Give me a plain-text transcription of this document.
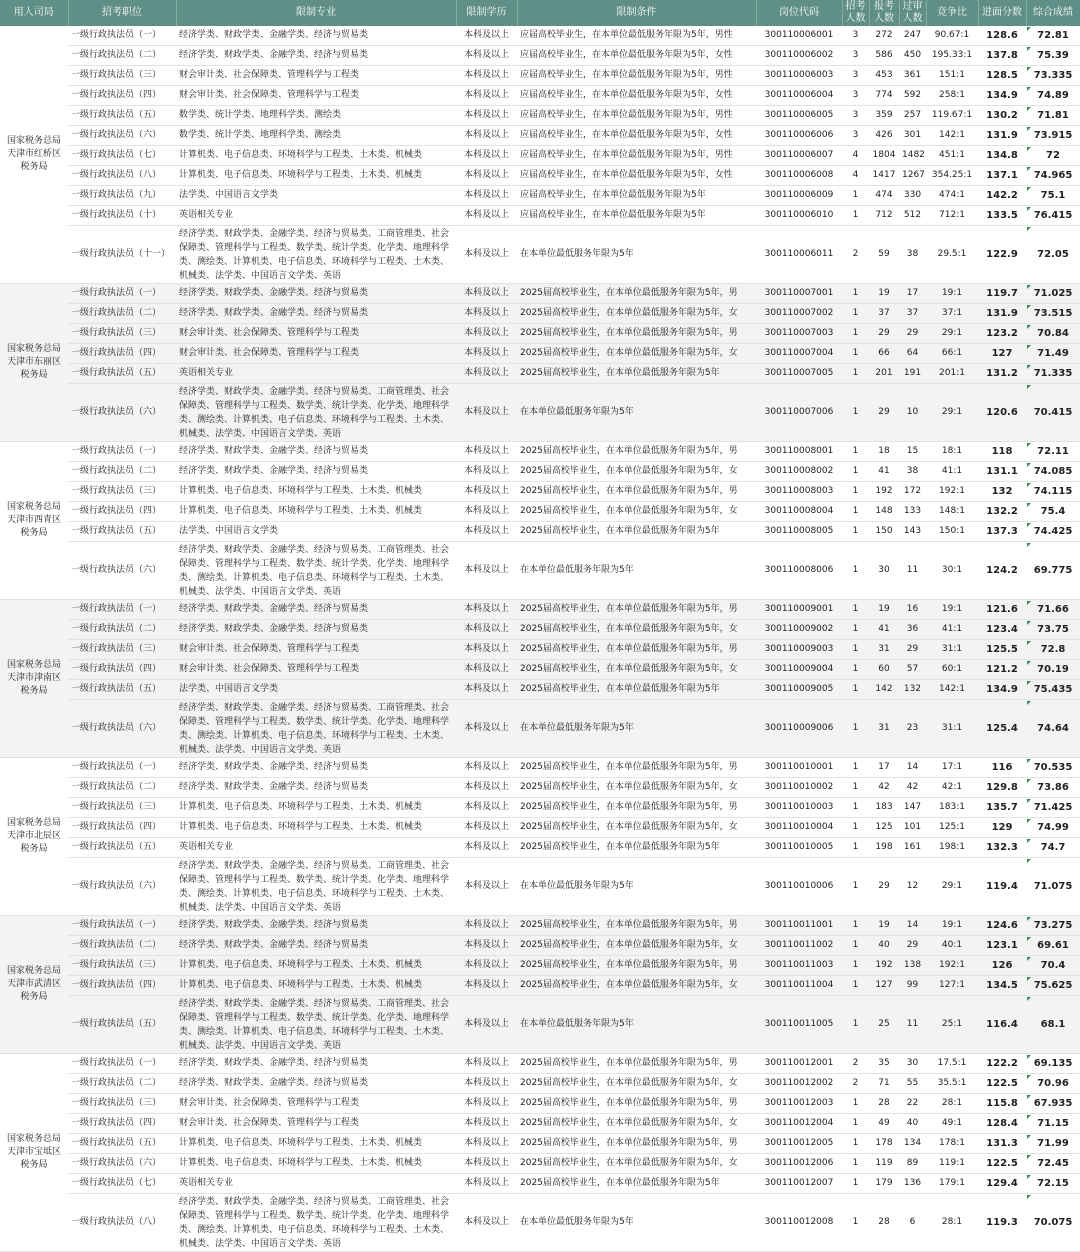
用人司局	招考职位	限制专业	限制学历	限制条件	岗位代码	招考人数	报考人数	过审人数	竞争比	进面分数	综合成绩
国家税务总局天津市红桥区税务局	一级行政执法员（一）	经济学类、财政学类、金融学类、经济与贸易类	本科及以上	应届高校毕业生，在本单位最低服务年限为5年，男性	300110006001	3	272	247	90.67:1	128.6	72.81
	一级行政执法员（二）	经济学类、财政学类、金融学类、经济与贸易类	本科及以上	应届高校毕业生，在本单位最低服务年限为5年，女性	300110006002	3	586	450	195.33:1	137.8	75.39
	一级行政执法员（三）	财会审计类、社会保障类、管理科学与工程类	本科及以上	应届高校毕业生，在本单位最低服务年限为5年，男性	300110006003	3	453	361	151:1	128.5	73.335
	一级行政执法员（四）	财会审计类、社会保障类、管理科学与工程类	本科及以上	应届高校毕业生，在本单位最低服务年限为5年，女性	300110006004	3	774	592	258:1	134.9	74.89
	一级行政执法员（五）	数学类、统计学类、地理科学类、测绘类	本科及以上	应届高校毕业生，在本单位最低服务年限为5年，男性	300110006005	3	359	257	119.67:1	130.2	71.81
	一级行政执法员（六）	数学类、统计学类、地理科学类、测绘类	本科及以上	应届高校毕业生，在本单位最低服务年限为5年，女性	300110006006	3	426	301	142:1	131.9	73.915
	一级行政执法员（七）	计算机类、电子信息类、环境科学与工程类、土木类、机械类	本科及以上	应届高校毕业生，在本单位最低服务年限为5年，男性	300110006007	4	1804	1482	451:1	134.8	72
	一级行政执法员（八）	计算机类、电子信息类、环境科学与工程类、土木类、机械类	本科及以上	应届高校毕业生，在本单位最低服务年限为5年，女性	300110006008	4	1417	1267	354.25:1	137.1	74.965
	一级行政执法员（九）	法学类、中国语言文学类	本科及以上	应届高校毕业生，在本单位最低服务年限为5年	300110006009	1	474	330	474:1	142.2	75.1
	一级行政执法员（十）	英语相关专业	本科及以上	应届高校毕业生，在本单位最低服务年限为5年	300110006010	1	712	512	712:1	133.5	76.415
	一级行政执法员（十一）	经济学类、财政学类、金融学类、经济与贸易类、工商管理类、社会保障类、管理科学与工程类、数学类、统计学类、化学类、地理科学类、测绘类、计算机类、电子信息类、环境科学与工程类、土木类、机械类、法学类、中国语言文学类、英语	本科及以上	在本单位最低服务年限为5年	300110006011	2	59	38	29.5:1	122.9	72.05
国家税务总局天津市东丽区税务局	一级行政执法员（一）	经济学类、财政学类、金融学类、经济与贸易类	本科及以上	2025届高校毕业生，在本单位最低服务年限为5年，男	300110007001	1	19	17	19:1	119.7	71.025
	一级行政执法员（二）	经济学类、财政学类、金融学类、经济与贸易类	本科及以上	2025届高校毕业生，在本单位最低服务年限为5年，女	300110007002	1	37	37	37:1	131.9	73.515
	一级行政执法员（三）	财会审计类、社会保障类、管理科学与工程类	本科及以上	2025届高校毕业生，在本单位最低服务年限为5年，男	300110007003	1	29	29	29:1	123.2	70.84
	一级行政执法员（四）	财会审计类、社会保障类、管理科学与工程类	本科及以上	2025届高校毕业生，在本单位最低服务年限为5年，女	300110007004	1	66	64	66:1	127	71.49
	一级行政执法员（五）	英语相关专业	本科及以上	2025届高校毕业生，在本单位最低服务年限为5年	300110007005	1	201	191	201:1	131.2	71.335
	一级行政执法员（六）	经济学类、财政学类、金融学类、经济与贸易类、工商管理类、社会保障类、管理科学与工程类、数学类、统计学类、化学类、地理科学类、测绘类、计算机类、电子信息类、环境科学与工程类、土木类、机械类、法学类、中国语言文学类、英语	本科及以上	在本单位最低服务年限为5年	300110007006	1	29	10	29:1	120.6	70.415
国家税务总局天津市西青区税务局	一级行政执法员（一）	经济学类、财政学类、金融学类、经济与贸易类	本科及以上	2025届高校毕业生，在本单位最低服务年限为5年，男	300110008001	1	18	15	18:1	118	72.11
	一级行政执法员（二）	经济学类、财政学类、金融学类、经济与贸易类	本科及以上	2025届高校毕业生，在本单位最低服务年限为5年，女	300110008002	1	41	38	41:1	131.1	74.085
	一级行政执法员（三）	计算机类、电子信息类、环境科学与工程类、土木类、机械类	本科及以上	2025届高校毕业生，在本单位最低服务年限为5年，男	300110008003	1	192	172	192:1	132	74.115
	一级行政执法员（四）	计算机类、电子信息类、环境科学与工程类、土木类、机械类	本科及以上	2025届高校毕业生，在本单位最低服务年限为5年，女	300110008004	1	148	133	148:1	132.2	75.4
	一级行政执法员（五）	法学类、中国语言文学类	本科及以上	2025届高校毕业生，在本单位最低服务年限为5年	300110008005	1	150	143	150:1	137.3	74.425
	一级行政执法员（六）	经济学类、财政学类、金融学类、经济与贸易类、工商管理类、社会保障类、管理科学与工程类、数学类、统计学类、化学类、地理科学类、测绘类、计算机类、电子信息类、环境科学与工程类、土木类、机械类、法学类、中国语言文学类、英语	本科及以上	在本单位最低服务年限为5年	300110008006	1	30	11	30:1	124.2	69.775
国家税务总局天津市津南区税务局	一级行政执法员（一）	经济学类、财政学类、金融学类、经济与贸易类	本科及以上	2025届高校毕业生，在本单位最低服务年限为5年，男	300110009001	1	19	16	19:1	121.6	71.66
	一级行政执法员（二）	经济学类、财政学类、金融学类、经济与贸易类	本科及以上	2025届高校毕业生，在本单位最低服务年限为5年，女	300110009002	1	41	36	41:1	123.4	73.75
	一级行政执法员（三）	财会审计类、社会保障类、管理科学与工程类	本科及以上	2025届高校毕业生，在本单位最低服务年限为5年，男	300110009003	1	31	29	31:1	125.5	72.8
	一级行政执法员（四）	财会审计类、社会保障类、管理科学与工程类	本科及以上	2025届高校毕业生，在本单位最低服务年限为5年，女	300110009004	1	60	57	60:1	121.2	70.19
	一级行政执法员（五）	法学类、中国语言文学类	本科及以上	2025届高校毕业生，在本单位最低服务年限为5年	300110009005	1	142	132	142:1	134.9	75.435
	一级行政执法员（六）	经济学类、财政学类、金融学类、经济与贸易类、工商管理类、社会保障类、管理科学与工程类、数学类、统计学类、化学类、地理科学类、测绘类、计算机类、电子信息类、环境科学与工程类、土木类、机械类、法学类、中国语言文学类、英语	本科及以上	在本单位最低服务年限为5年	300110009006	1	31	23	31:1	125.4	74.64
国家税务总局天津市北辰区税务局	一级行政执法员（一）	经济学类、财政学类、金融学类、经济与贸易类	本科及以上	2025届高校毕业生，在本单位最低服务年限为5年，男	300110010001	1	17	14	17:1	116	70.535
	一级行政执法员（二）	经济学类、财政学类、金融学类、经济与贸易类	本科及以上	2025届高校毕业生，在本单位最低服务年限为5年，女	300110010002	1	42	42	42:1	129.8	73.86
	一级行政执法员（三）	计算机类、电子信息类、环境科学与工程类、土木类、机械类	本科及以上	2025届高校毕业生，在本单位最低服务年限为5年，男	300110010003	1	183	147	183:1	135.7	71.425
	一级行政执法员（四）	计算机类、电子信息类、环境科学与工程类、土木类、机械类	本科及以上	2025届高校毕业生，在本单位最低服务年限为5年，女	300110010004	1	125	101	125:1	129	74.99
	一级行政执法员（五）	英语相关专业	本科及以上	2025届高校毕业生，在本单位最低服务年限为5年	300110010005	1	198	161	198:1	132.3	74.7
	一级行政执法员（六）	经济学类、财政学类、金融学类、经济与贸易类、工商管理类、社会保障类、管理科学与工程类、数学类、统计学类、化学类、地理科学类、测绘类、计算机类、电子信息类、环境科学与工程类、土木类、机械类、法学类、中国语言文学类、英语	本科及以上	在本单位最低服务年限为5年	300110010006	1	29	12	29:1	119.4	71.075
国家税务总局天津市武清区税务局	一级行政执法员（一）	经济学类、财政学类、金融学类、经济与贸易类	本科及以上	2025届高校毕业生，在本单位最低服务年限为5年，男	300110011001	1	19	14	19:1	124.6	73.275
	一级行政执法员（二）	经济学类、财政学类、金融学类、经济与贸易类	本科及以上	2025届高校毕业生，在本单位最低服务年限为5年，女	300110011002	1	40	29	40:1	123.1	69.61
	一级行政执法员（三）	计算机类、电子信息类、环境科学与工程类、土木类、机械类	本科及以上	2025届高校毕业生，在本单位最低服务年限为5年，男	300110011003	1	192	138	192:1	126	70.4
	一级行政执法员（四）	计算机类、电子信息类、环境科学与工程类、土木类、机械类	本科及以上	2025届高校毕业生，在本单位最低服务年限为5年，女	300110011004	1	127	99	127:1	134.5	75.625
	一级行政执法员（五）	经济学类、财政学类、金融学类、经济与贸易类、工商管理类、社会保障类、管理科学与工程类、数学类、统计学类、化学类、地理科学类、测绘类、计算机类、电子信息类、环境科学与工程类、土木类、机械类、法学类、中国语言文学类、英语	本科及以上	在本单位最低服务年限为5年	300110011005	1	25	11	25:1	116.4	68.1
国家税务总局天津市宝坻区税务局	一级行政执法员（一）	经济学类、财政学类、金融学类、经济与贸易类	本科及以上	2025届高校毕业生，在本单位最低服务年限为5年，男	300110012001	2	35	30	17.5:1	122.2	69.135
	一级行政执法员（二）	经济学类、财政学类、金融学类、经济与贸易类	本科及以上	2025届高校毕业生，在本单位最低服务年限为5年，女	300110012002	2	71	55	35.5:1	122.5	70.96
	一级行政执法员（三）	财会审计类、社会保障类、管理科学与工程类	本科及以上	2025届高校毕业生，在本单位最低服务年限为5年，男	300110012003	1	28	22	28:1	115.8	67.935
	一级行政执法员（四）	财会审计类、社会保障类、管理科学与工程类	本科及以上	2025届高校毕业生，在本单位最低服务年限为5年，女	300110012004	1	49	40	49:1	128.4	71.15
	一级行政执法员（五）	计算机类、电子信息类、环境科学与工程类、土木类、机械类	本科及以上	2025届高校毕业生，在本单位最低服务年限为5年，男	300110012005	1	178	134	178:1	131.3	71.99
	一级行政执法员（六）	计算机类、电子信息类、环境科学与工程类、土木类、机械类	本科及以上	2025届高校毕业生，在本单位最低服务年限为5年，女	300110012006	1	119	89	119:1	122.5	72.45
	一级行政执法员（七）	英语相关专业	本科及以上	2025届高校毕业生，在本单位最低服务年限为5年	300110012007	1	179	136	179:1	129.4	72.15
	一级行政执法员（八）	经济学类、财政学类、金融学类、经济与贸易类、工商管理类、社会保障类、管理科学与工程类、数学类、统计学类、化学类、地理科学类、测绘类、计算机类、电子信息类、环境科学与工程类、土木类、机械类、法学类、中国语言文学类、英语	本科及以上	在本单位最低服务年限为5年	300110012008	1	28	6	28:1	119.3	70.075
